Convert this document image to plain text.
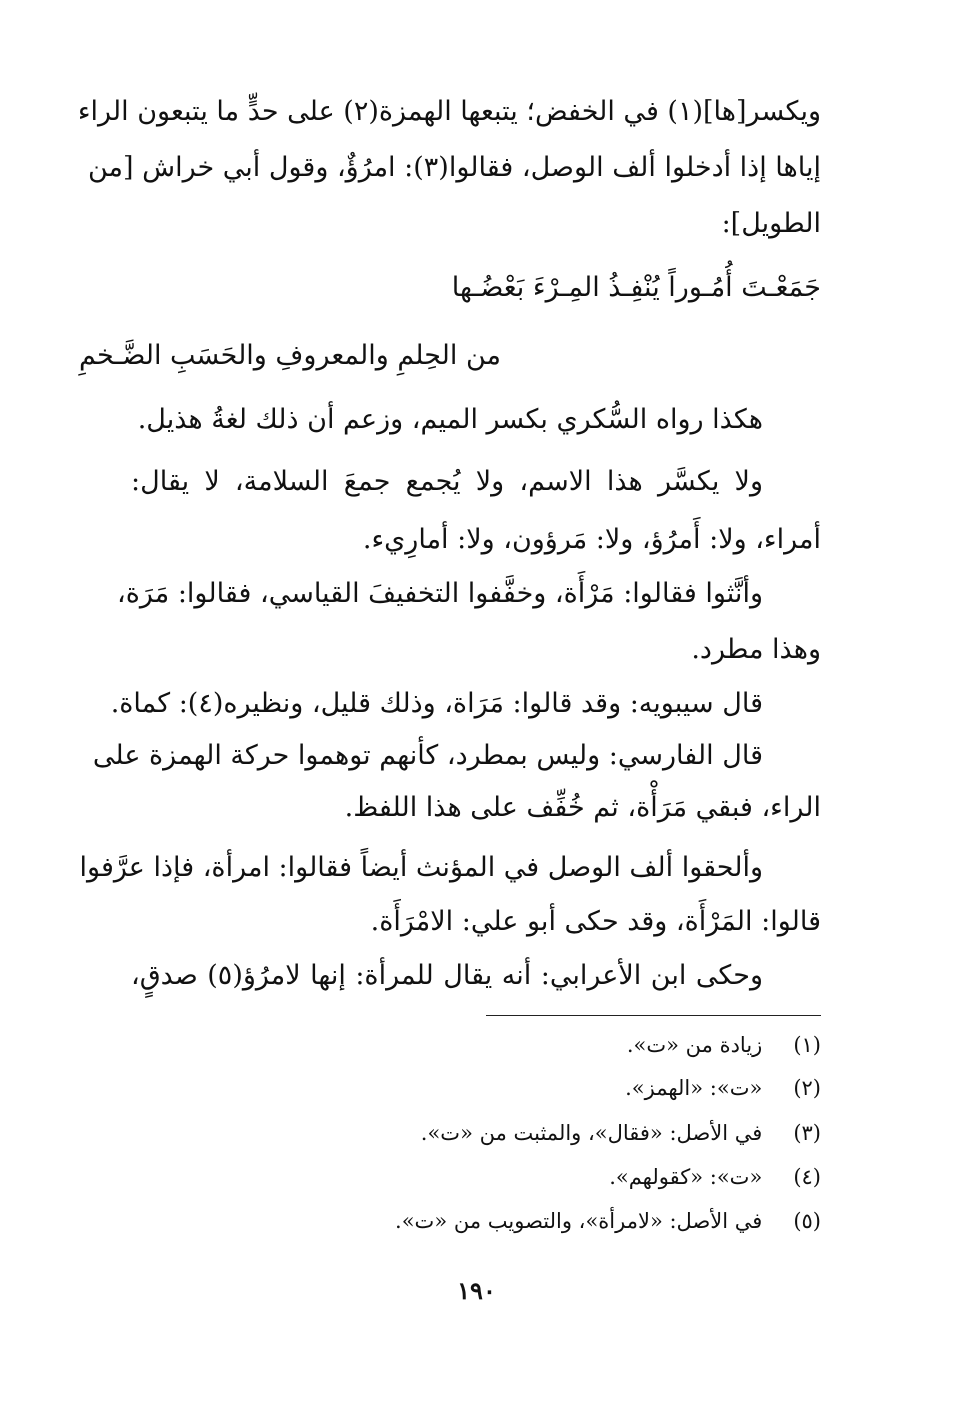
ويكسر[ها](١) في الخفض؛ يتبعها الهمزة(٢) على حدٍّ ما يتبعون الراء
إياها إذا أدخلوا ألف الوصل، فقالوا(٣): امرُؤٌ، وقول أبي خراش [من
الطويل]:
جَمَعْـتَ أُمُـوراً يُنْفِـذُ المِـرْءَ بَعْضُـها
من الحِلمِ والمعروفِ والحَسَبِ الضَّـخمِ
هكذا رواه السُّكري بكسر الميم، وزعم أن ذلك لغةُ هذيل.
ولا يكسَّر هذا الاسم، ولا يُجمع جمعَ السلامة، لا يقال:
أمراء، ولا: أَمرُؤ، ولا: مَرؤون، ولا: أمارِيء.
وأنَّثوا فقالوا: مَرْأَة، وخفَّفوا التخفيفَ القياسي، فقالوا: مَرَة،
وهذا مطرد.
قال سيبويه: وقد قالوا: مَرَاة، وذلك قليل، ونظيره(٤): كماة.
قال الفارسي: وليس بمطرد، كأنهم توهموا حركة الهمزة على
الراء، فبقي مَرَأْة، ثم خُفِّف على هذا اللفظ.
وألحقوا ألف الوصل في المؤنث أيضاً فقالوا: امرأة، فإذا عرَّفوا
قالوا: المَرْأَة، وقد حكى أبو علي: الامْرَأَة.
وحكى ابن الأعرابي: أنه يقال للمرأة: إنها لامرُؤ(٥) صدقٍ،
(١) زيادة من «ت».
(٢) «ت»: «الهمز».
(٣) في الأصل: «فقال»، والمثبت من «ت».
(٤) «ت»: «كقولهم».
(٥) في الأصل: «لامرأة»، والتصويب من «ت».
١٩٠
